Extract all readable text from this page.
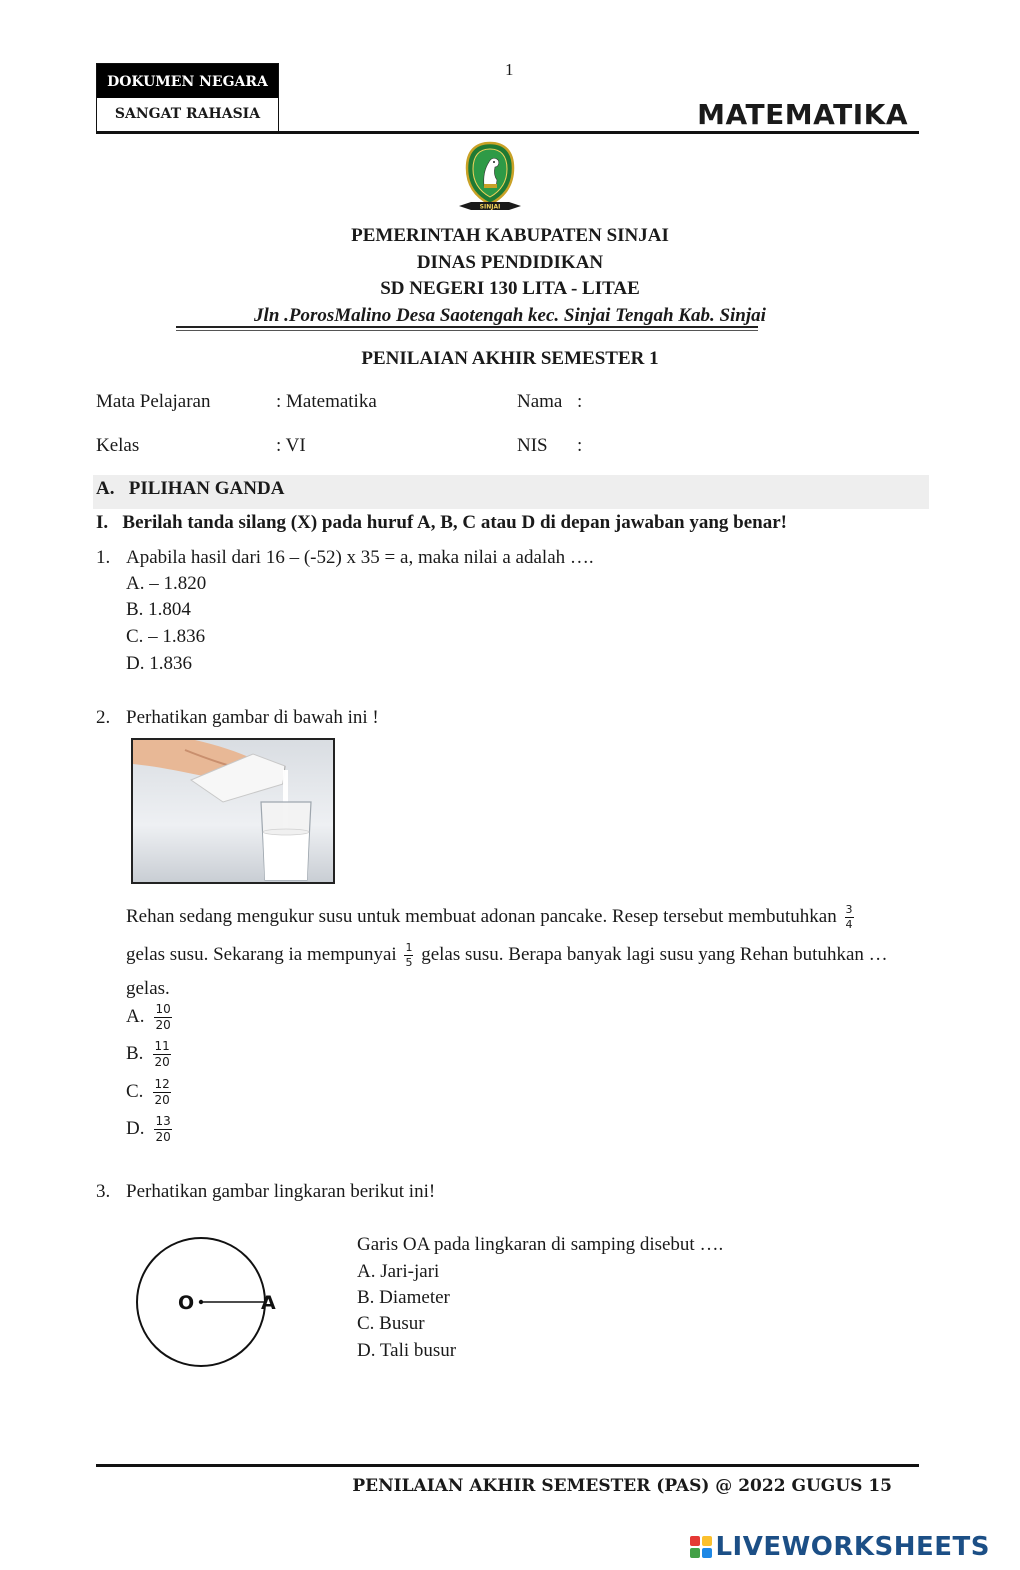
1
DOKUMEN NEGARA
SANGAT RAHASIA	MATEMATIKA
SINJAI
PEMERINTAH KABUPATEN SINJAI
DINAS PENDIDIKAN
SD NEGERI 130 LITA - LITAE
Jln .PorosMalino Desa Saotengah kec. Sinjai Tengah Kab. Sinjai
PENILAIAN AKHIR SEMESTER 1
Mata Pelajaran	: Matematika	Nama :
Kelas	: VI	NIS :
A. PILIHAN GANDA
I. Berilah tanda silang (X) pada huruf A, B, C atau D di depan jawaban yang benar!
1. Apabila hasil dari 16 – (-52) x 35 = a, maka nilai a adalah ….
A. – 1.820
B. 1.804
C. – 1.836
D. 1.836
2. Perhatikan gambar di bawah ini !
Rehan sedang mengukur susu untuk membuat adonan pancake. Resep tersebut membutuhkan $\frac{3}{4}$
gelas susu. Sekarang ia mempunyai $\frac{1}{5}$ gelas susu. Berapa banyak lagi susu yang Rehan butuhkan …
gelas.
A. $\frac{10}{20}$
B. $\frac{11}{20}$
C. $\frac{12}{20}$
D. $\frac{13}{20}$
3. Perhatikan gambar lingkaran berikut ini!
O	A
Garis OA pada lingkaran di samping disebut ….
A. Jari-jari
B. Diameter
C. Busur
D. Tali busur
PENILAIAN AKHIR SEMESTER (PAS) @ 2022 GUGUS 15
LIVEWORKSHEETS
